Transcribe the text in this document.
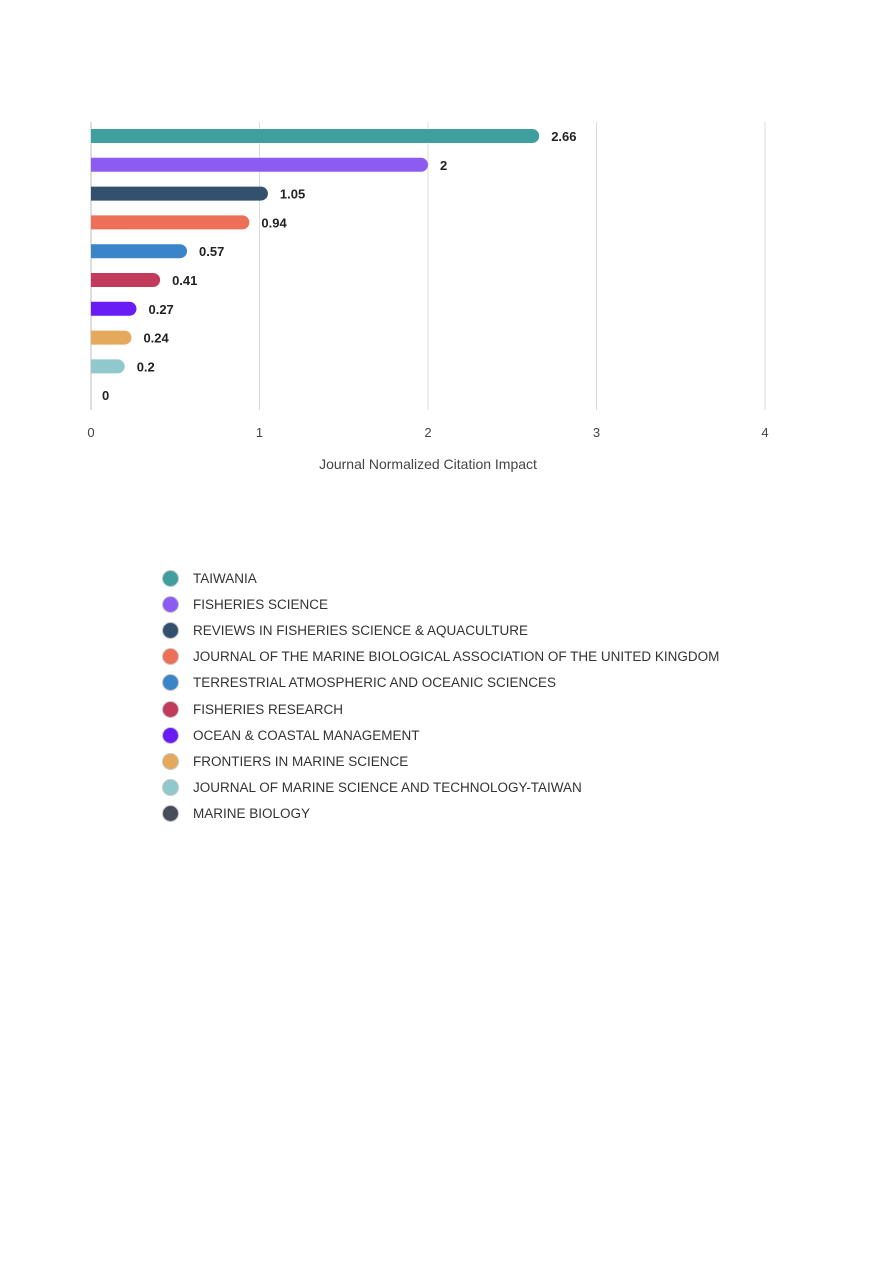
2.66
2
1.05
0.94
0.57
0.41
0.27
0.24
0.2
0
0	1	2	3	4
Journal Normalized Citation Impact
TAIWANIA
FISHERIES SCIENCE
REVIEWS IN FISHERIES SCIENCE & AQUACULTURE
JOURNAL OF THE MARINE BIOLOGICAL ASSOCIATION OF THE UNITED KINGDOM
TERRESTRIAL ATMOSPHERIC AND OCEANIC SCIENCES
FISHERIES RESEARCH
OCEAN & COASTAL MANAGEMENT
FRONTIERS IN MARINE SCIENCE
JOURNAL OF MARINE SCIENCE AND TECHNOLOGY-TAIWAN
MARINE BIOLOGY
